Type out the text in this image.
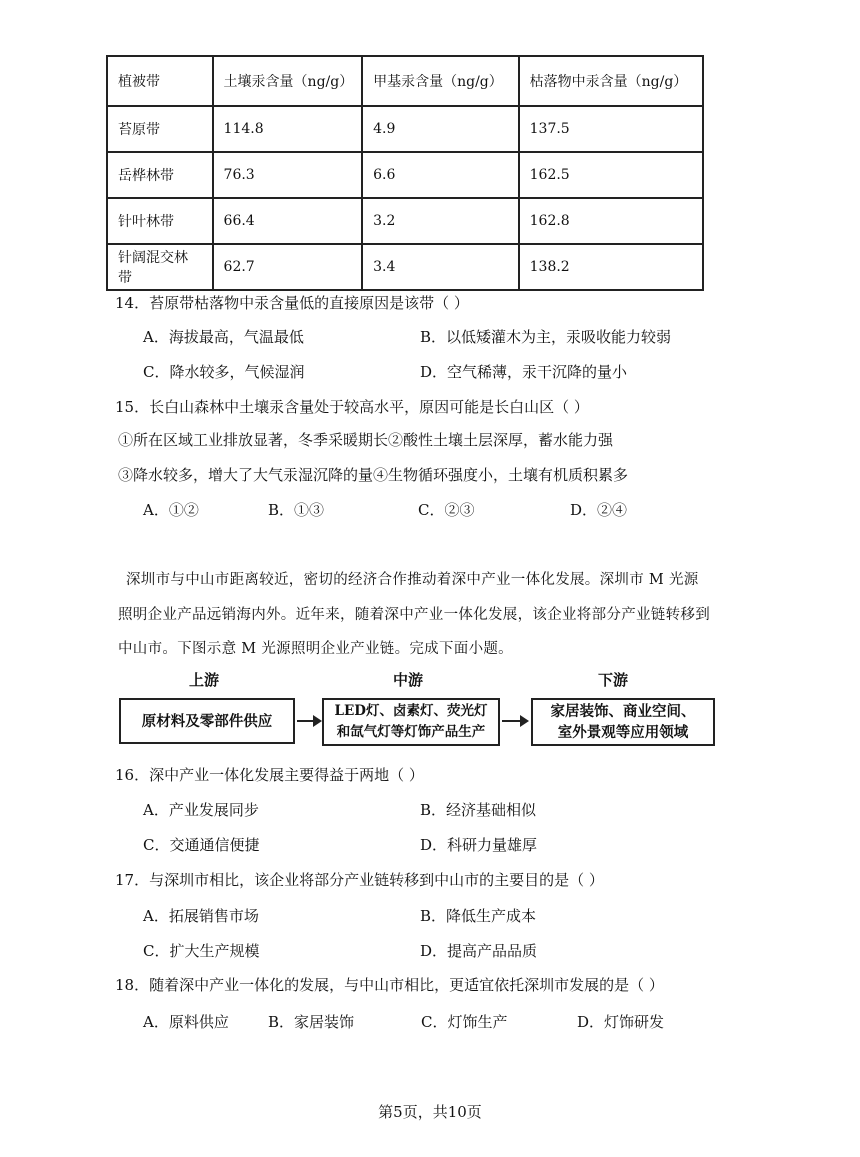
植被带	土壤汞含量（ng/g）	甲基汞含量（ng/g）	枯落物中汞含量（ng/g）
苔原带	114.8	4.9	137.5
岳桦林带	76.3	6.6	162.5
针叶林带	66.4	3.2	162.8
针阔混交林带	62.7	3.4	138.2
14．苔原带枯落物中汞含量低的直接原因是该带（ ）
A．海拔最高，气温最低	B．以低矮灌木为主，汞吸收能力较弱
C．降水较多，气候湿润	D．空气稀薄，汞干沉降的量小
15．长白山森林中土壤汞含量处于较高水平，原因可能是长白山区（ ）
①所在区域工业排放显著，冬季采暖期长②酸性土壤土层深厚，蓄水能力强
③降水较多，增大了大气汞湿沉降的量④生物循环强度小，土壤有机质积累多
A．①②	B．①③	C．②③	D．②④
深圳市与中山市距离较近，密切的经济合作推动着深中产业一体化发展。深圳市 M 光源
照明企业产品远销海内外。近年来，随着深中产业一体化发展，该企业将部分产业链转移到
中山市。下图示意 M 光源照明企业产业链。完成下面小题。
上游	中游	下游
原材料及零部件供应
LED灯、卤素灯、荧光灯
和氙气灯等灯饰产品生产
家居装饰、商业空间、
室外景观等应用领域
16．深中产业一体化发展主要得益于两地（ ）
A．产业发展同步	B．经济基础相似
C．交通通信便捷	D．科研力量雄厚
17．与深圳市相比，该企业将部分产业链转移到中山市的主要目的是（ ）
A．拓展销售市场	B．降低生产成本
C．扩大生产规模	D．提高产品品质
18．随着深中产业一体化的发展，与中山市相比，更适宜依托深圳市发展的是（ ）
A．原料供应	B．家居装饰	C．灯饰生产	D．灯饰研发
第5页，共10页
